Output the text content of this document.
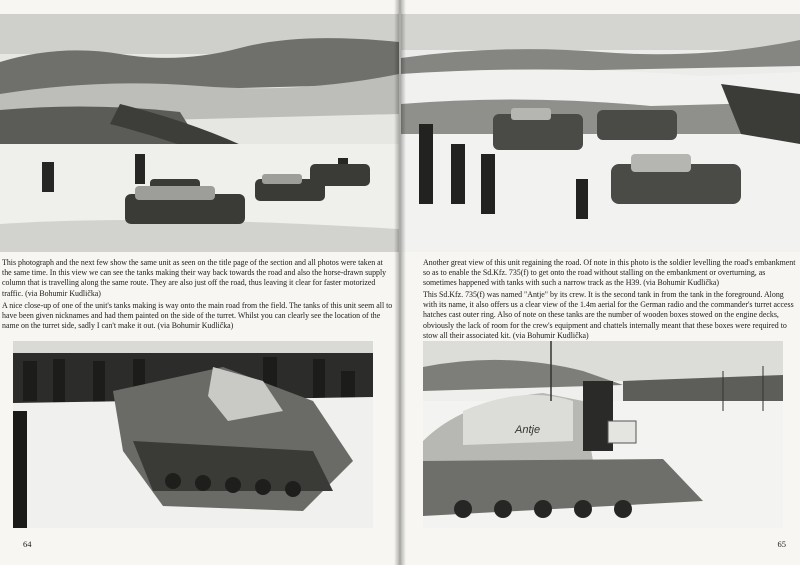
This photograph and the next few show the same unit as seen on the title page of the section and all photos were taken at the same time. In this view we can see the tanks making their way back towards the road and also the horse-drawn supply column that is travelling along the same route. They are also just off the road, thus leaving it clear for faster motorized traffic. (via Bohumir Kudlička)

A nice close-up of one of the unit's tanks making is way onto the main road from the field. The tanks of this unit seem all to have been given nicknames and had them painted on the side of the turret. Whilst you can clearly see the location of the name on the turret side, sadly I can't make it out. (via Bohumir Kudlička)

64

Another great view of this unit regaining the road. Of note in this photo is the soldier levelling the road's embankment so as to enable the Sd.Kfz. 735(f) to get onto the road without stalling on the embankment or overturning, as sometimes happened with tanks with such a narrow track as the H39. (via Bohumir Kudlička)

This Sd.Kfz. 735(f) was named "Antje" by its crew. It is the second tank in from the tank in the foreground. Along with its name, it also offers us a clear view of the 1.4m aerial for the German radio and the commander's turret access hatches cast outer ring. Also of note on these tanks are the number of wooden boxes stowed on the engine decks, obviously the lack of room for the crew's equipment and chattels internally meant that these boxes were required to stow all their associated kit. (via Bohumir Kudlička)

Antje
65
